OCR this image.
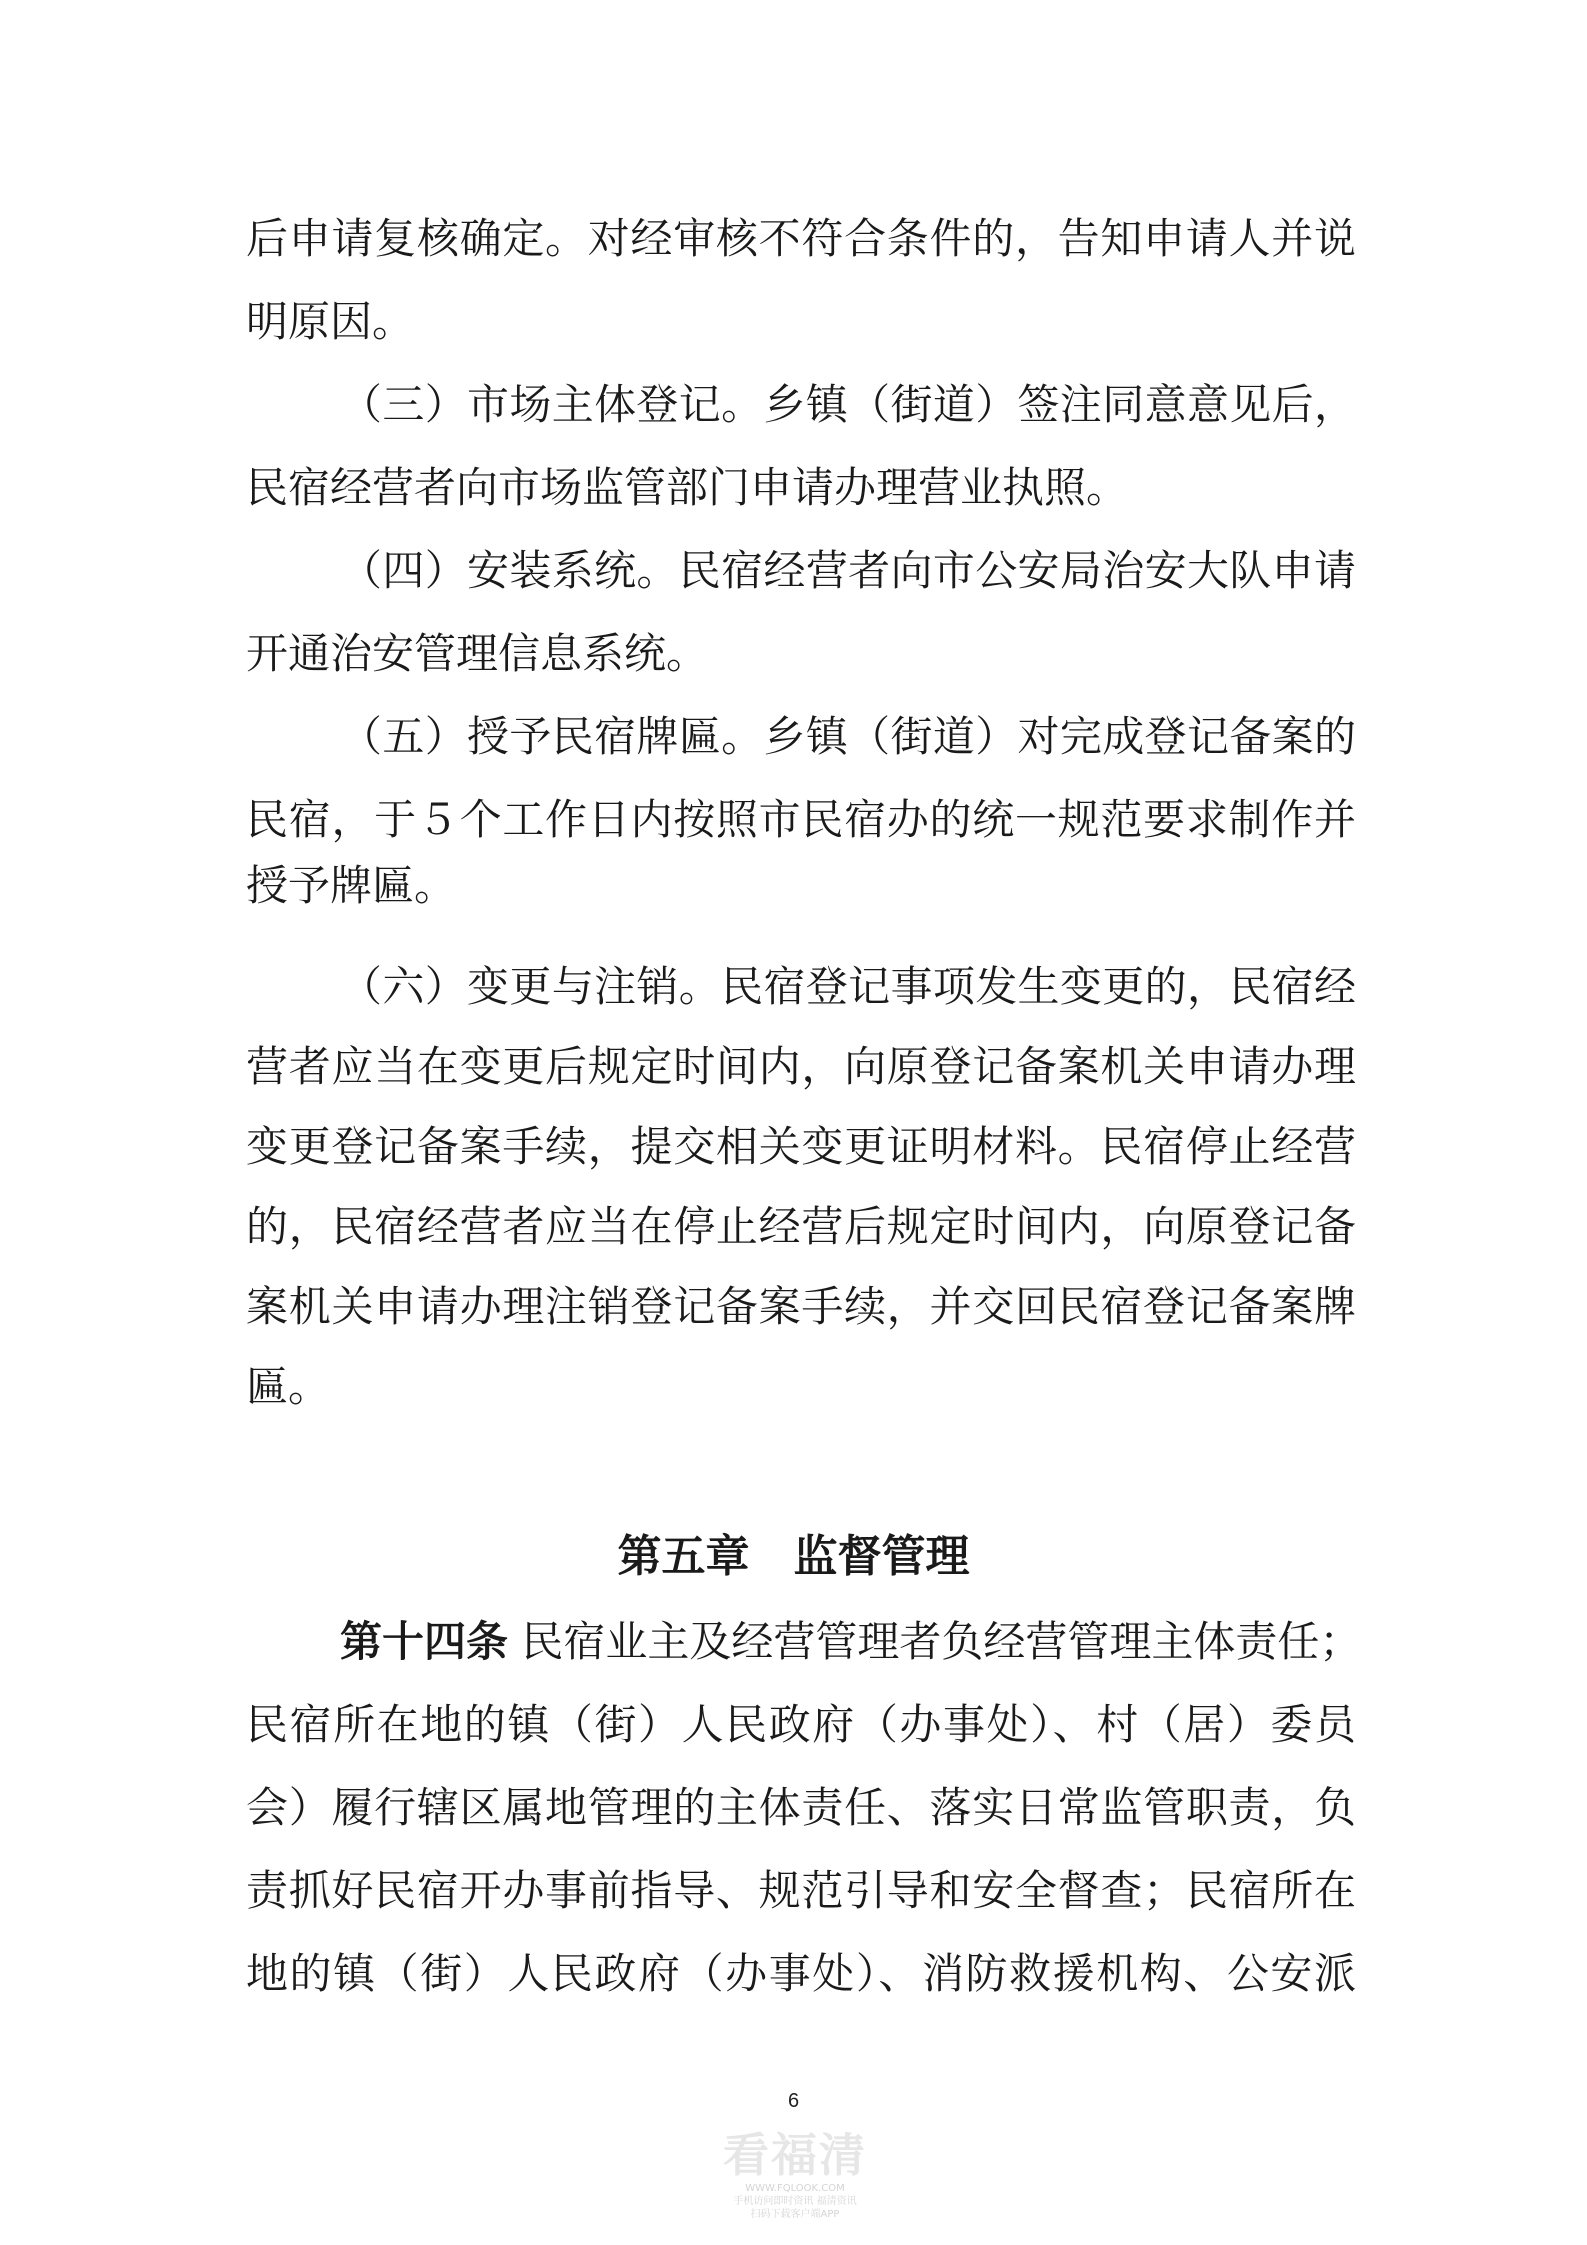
后申请复核确定。对经审核不符合条件的，告知申请人并说
明原因。
（三）市场主体登记。乡镇（街道）签注同意意见后，
民宿经营者向市场监管部门申请办理营业执照。
（四）安装系统。民宿经营者向市公安局治安大队申请
开通治安管理信息系统。
（五）授予民宿牌匾。乡镇（街道）对完成登记备案的
民宿，于５个工作日内按照市民宿办的统一规范要求制作并
授予牌匾。
（六）变更与注销。民宿登记事项发生变更的，民宿经
营者应当在变更后规定时间内，向原登记备案机关申请办理
变更登记备案手续，提交相关变更证明材料。民宿停止经营
的，民宿经营者应当在停止经营后规定时间内，向原登记备
案机关申请办理注销登记备案手续，并交回民宿登记备案牌
匾。
第五章　监督管理
第十四条 民宿业主及经营管理者负经营管理主体责任；
民宿所在地的镇（街）人民政府（办事处）、村（居）委员
会）履行辖区属地管理的主体责任、落实日常监管职责，负
责抓好民宿开办事前指导、规范引导和安全督查；民宿所在
地的镇（街）人民政府（办事处）、消防救援机构、公安派
6
看福清
WWW.FQLOOK.COM
手机访问即时资讯 福清资讯
扫码下载客户端APP
